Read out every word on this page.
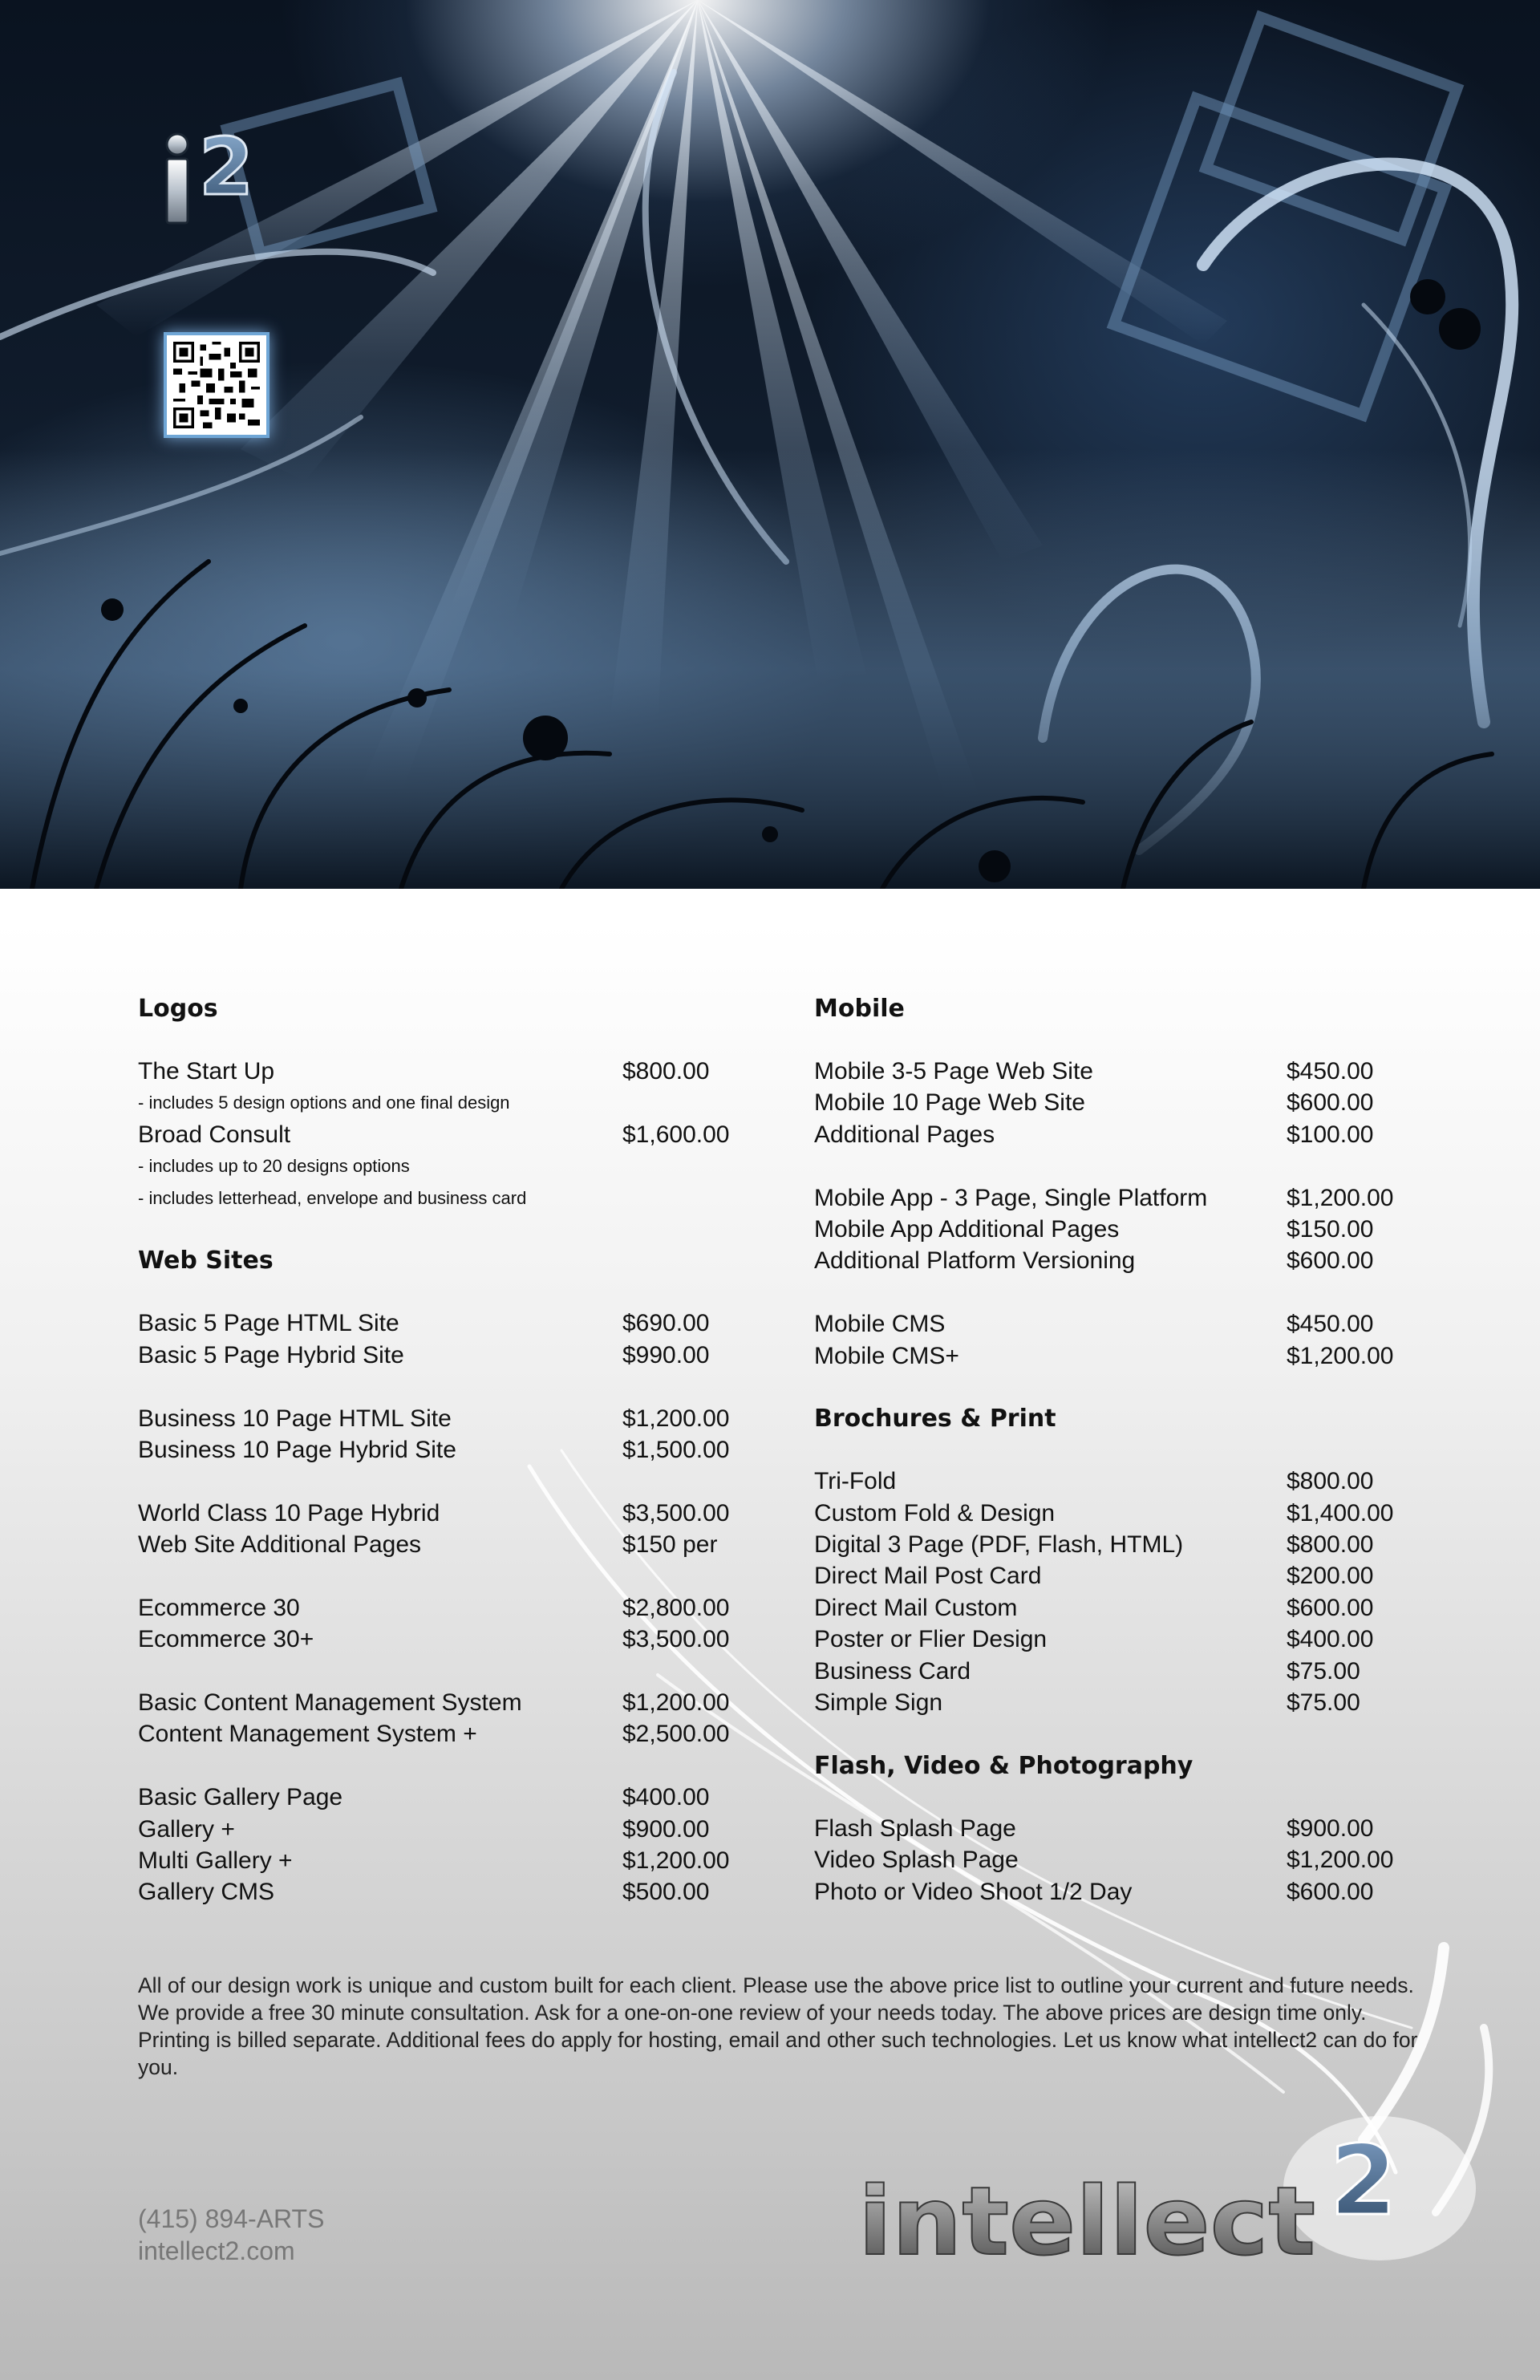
2
Logos
The Start Up	$800.00
- includes 5 design options and one final design
Broad Consult	$1,600.00
- includes up to 20 designs options
- includes letterhead, envelope and business card
Web Sites
Basic 5 Page HTML Site	$690.00
Basic 5 Page Hybrid Site	$990.00
Business 10 Page HTML Site	$1,200.00
Business 10 Page Hybrid Site	$1,500.00
World Class 10 Page Hybrid	$3,500.00
Web Site Additional Pages	$150 per
Ecommerce 30	$2,800.00
Ecommerce 30+	$3,500.00
Basic Content Management System	$1,200.00
Content Management System +	$2,500.00
Basic Gallery Page	$400.00
Gallery +	$900.00
Multi Gallery +	$1,200.00
Gallery CMS	$500.00
Mobile
Mobile 3-5 Page Web Site	$450.00
Mobile 10 Page Web Site	$600.00
Additional Pages	$100.00
Mobile App - 3 Page, Single Platform	$1,200.00
Mobile App Additional Pages	$150.00
Additional Platform Versioning	$600.00
Mobile CMS	$450.00
Mobile CMS+	$1,200.00
Brochures & Print
Tri-Fold	$800.00
Custom Fold & Design	$1,400.00
Digital 3 Page (PDF, Flash, HTML)	$800.00
Direct Mail Post Card	$200.00
Direct Mail Custom	$600.00
Poster or Flier Design	$400.00
Business Card	$75.00
Simple Sign	$75.00
Flash, Video & Photography
Flash Splash Page	$900.00
Video Splash Page	$1,200.00
Photo or Video Shoot 1/2 Day	$600.00
All of our design work is unique and custom built for each client. Please use the above price list to outline your current and future needs. We provide a free 30 minute consultation. Ask for a one-on-one review of your needs today. The above prices are design time only. Printing is billed separate. Additional fees do apply for hosting, email and other such technologies. Let us know what intellect2 can do for you.
(415) 894-ARTS
intellect2.com	intellect 2
